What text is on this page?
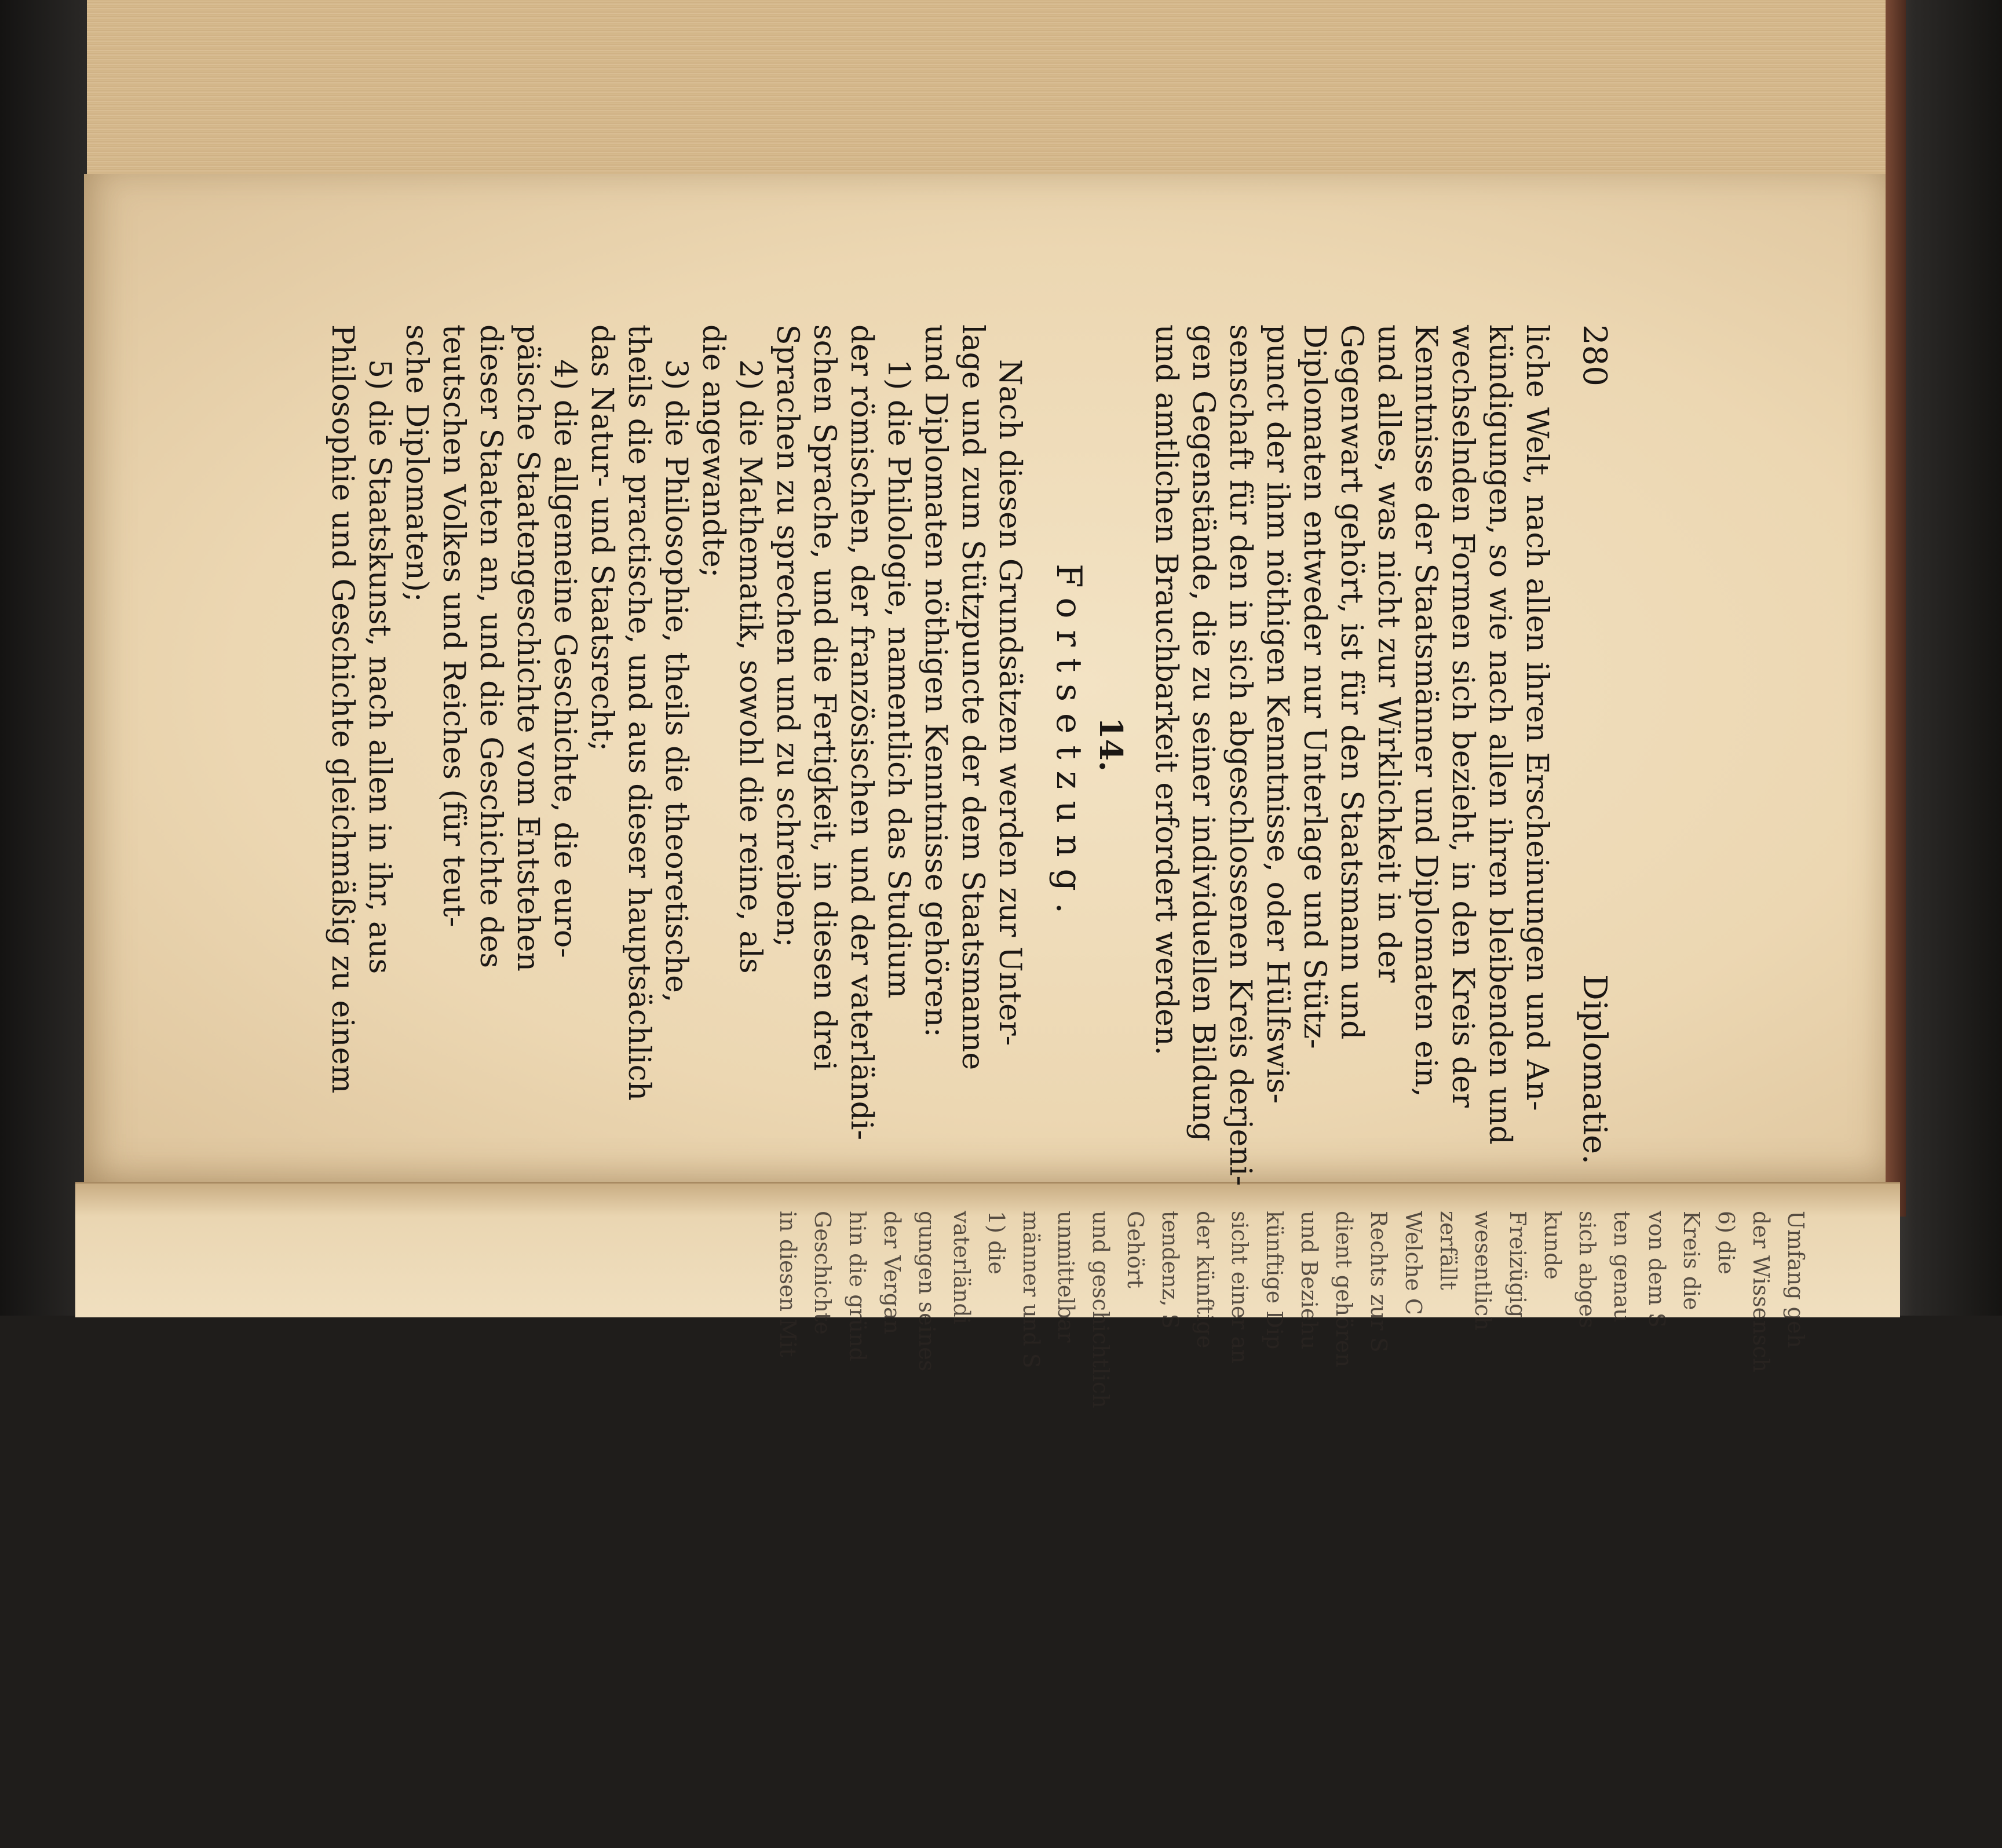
280
Diplomatie.
liche Welt, nach allen ihren Erscheinungen und An-
kündigungen, so wie nach allen ihren bleibenden und
wechselnden Formen sich bezieht, in den Kreis der
Kenntnisse der Staatsmänner und Diplomaten ein,
und alles, was nicht zur Wirklichkeit in der
Gegenwart gehört, ist für den Staatsmann und
Diplomaten entweder nur Unterlage und Stütz-
punct der ihm nöthigen Kenntnisse, oder Hülfswis-
senschaft für den in sich abgeschlossenen Kreis derjeni-
gen Gegenstände, die zu seiner individuellen Bildung
und amtlichen Brauchbarkeit erfordert werden.
14.
Fortsetzung.
Nach diesen Grundsätzen werden zur Unter-
lage und zum Stützpuncte der dem Staatsmanne
und Diplomaten nöthigen Kenntnisse gehören:
1) die Philologie, namentlich das Studium
der römischen, der französischen und der vaterländi-
schen Sprache, und die Fertigkeit, in diesen drei
Sprachen zu sprechen und zu schreiben;
2) die Mathematik, sowohl die reine, als
die angewandte;
3) die Philosophie, theils die theoretische,
theils die practische, und aus dieser hauptsächlich
das Natur- und Staatsrecht;
4) die allgemeine Geschichte, die euro-
päische Staatengeschichte vom Entstehen
dieser Staaten an, und die Geschichte des
teutschen Volkes und Reiches (für teut-
sche Diplomaten);
5) die Staatskunst, nach allen in ihr, aus
Philosophie und Geschichte gleichmäßig zu einem
Umfang geh
der Wissensch
6) die
Kreis die
von dem S
ten genau
sich abges
kunde
Freizügig
wesentlich
zerfällt
Welche C
Rechts zur S
dient gehören
und Beziehu
künftige Dip
sicht einer an
der künftige
tendenz, S
Gehört
und geschichtlich
unmittelbar
männer und S
1) die
vaterländi
gungen seines
der Vergan
hin die gründ
Geschichte
in diesen Mit
